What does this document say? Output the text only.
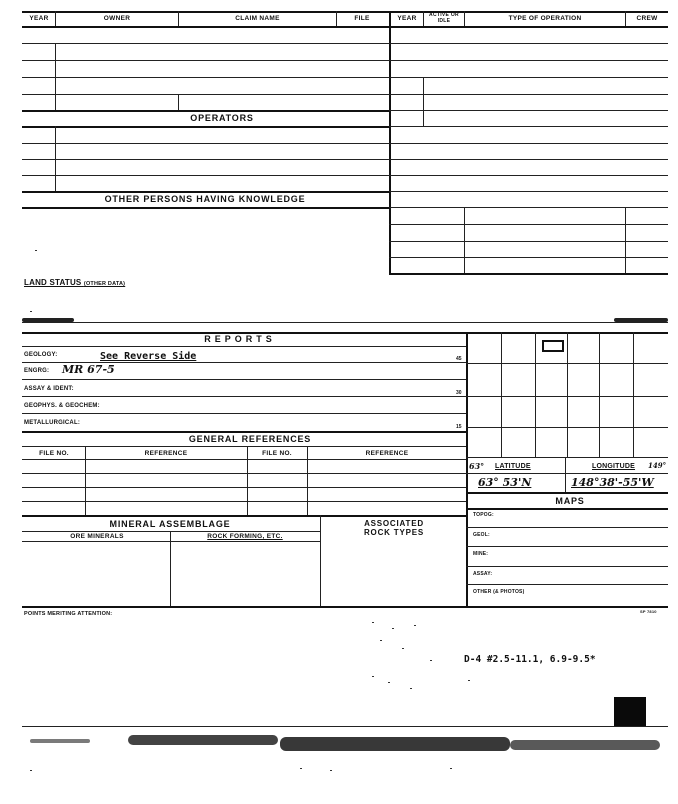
YEAR	OWNER	CLAIM NAME	FILE	YEAR	ACTIVE OR IDLE	TYPE OF OPERATION	CREW
OPERATORS
OTHER PERSONS HAVING KNOWLEDGE
LAND STATUS (OTHER DATA)
REPORTS
GEOLOGY:	See Reverse Side	45
ENGRG: MR 67-5
ASSAY & IDENT:
30
GEOPHYS. & GEOCHEM:
METALLURGICAL:
15
GENERAL REFERENCES
FILE NO.	REFERENCE	FILE NO.	REFERENCE
MINERAL ASSEMBLAGE
ORE MINERALS	ROCK FORMING, ETC.
ASSOCIATED
ROCK TYPES
63° LATITUDE	LONGITUDE 149°
63° 53'N	148°38'-55'W
MAPS
TOPOG:
GEOL:
MINE:
ASSAY:
OTHER (& PHOTOS)
POINTS MERITING ATTENTION:	SP 7810
D-4 #2.5-11.1, 6.9-9.5*
